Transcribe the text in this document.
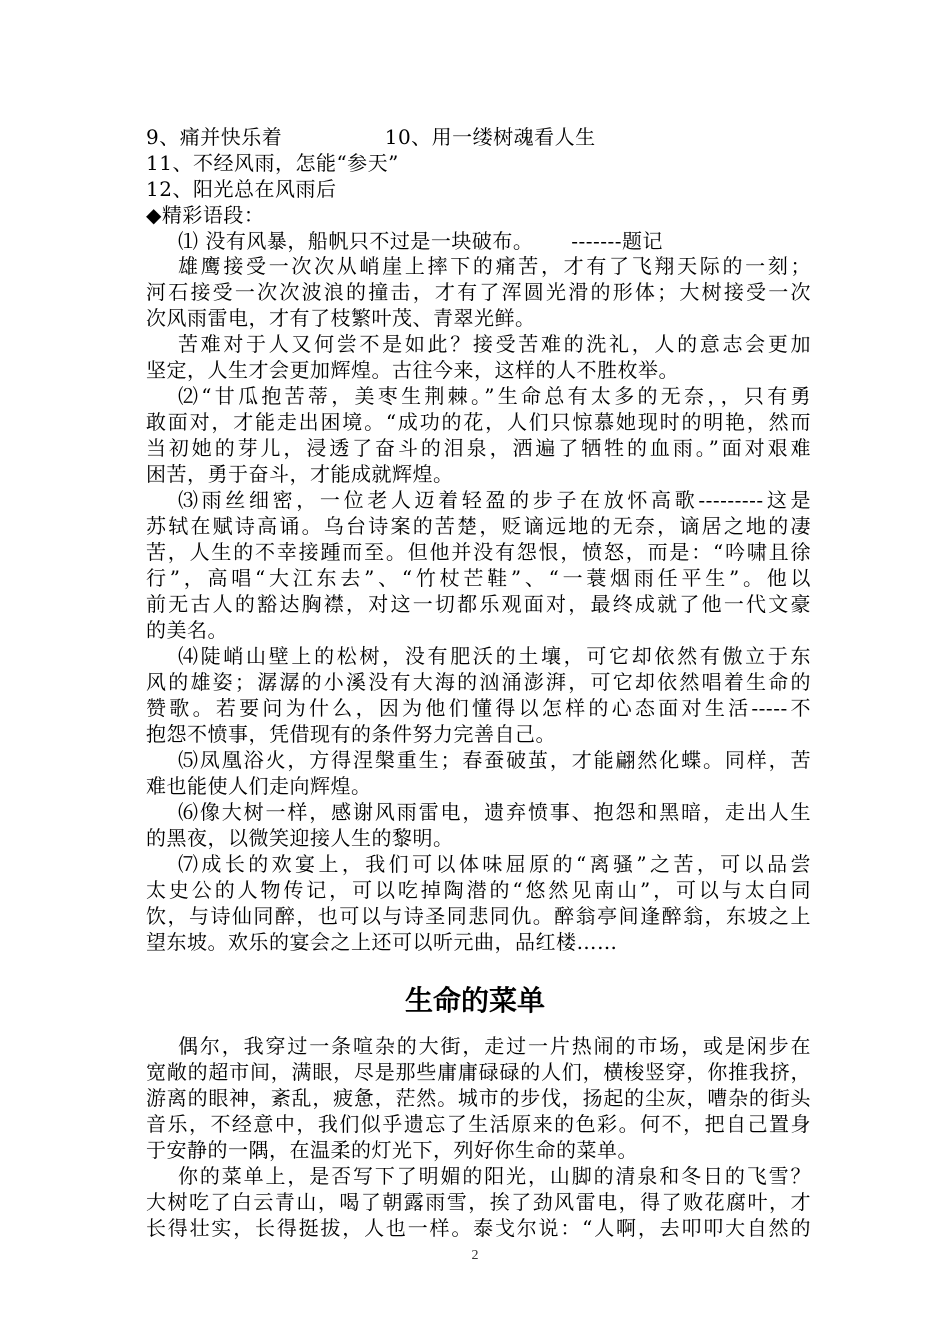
9、痛并快乐着　　　　　10、用一缕树魂看人生
11、不经风雨，怎能“参天”
12、阳光总在风雨后
◆精彩语段：
⑴ 没有风暴，船帆只不过是一块破布。　　 -------题记
雄鹰接受一次次从峭崖上摔下的痛苦，才有了飞翔天际的一刻；
河石接受一次次波浪的撞击，才有了浑圆光滑的形体；大树接受一次
次风雨雷电，才有了枝繁叶茂、青翠光鲜。
苦难对于人又何尝不是如此？接受苦难的洗礼，人的意志会更加
坚定，人生才会更加辉煌。古往今来，这样的人不胜枚举。
⑵“甘瓜抱苦蒂，美枣生荆棘。”生命总有太多的无奈，，只有勇
敢面对，才能走出困境。“成功的花，人们只惊慕她现时的明艳，然而
当初她的芽儿，浸透了奋斗的泪泉，洒遍了牺牲的血雨。”面对艰难
困苦，勇于奋斗，才能成就辉煌。
⑶雨丝细密，一位老人迈着轻盈的步子在放怀高歌---------这是
苏轼在赋诗高诵。乌台诗案的苦楚，贬谪远地的无奈，谪居之地的凄
苦，人生的不幸接踵而至。但他并没有怨恨，愤怒，而是：“吟啸且徐
行”，高唱“大江东去”、“竹杖芒鞋”、“一蓑烟雨任平生”。他以
前无古人的豁达胸襟，对这一切都乐观面对，最终成就了他一代文豪
的美名。
⑷陡峭山壁上的松树，没有肥沃的土壤，可它却依然有傲立于东
风的雄姿；潺潺的小溪没有大海的汹涌澎湃，可它却依然唱着生命的
赞歌。若要问为什么，因为他们懂得以怎样的心态面对生活-----不
抱怨不愤事，凭借现有的条件努力完善自己。
⑸凤凰浴火，方得涅槃重生；春蚕破茧，才能翩然化蝶。同样，苦
难也能使人们走向辉煌。
⑹像大树一样，感谢风雨雷电，遗弃愤事、抱怨和黑暗，走出人生
的黑夜，以微笑迎接人生的黎明。
⑺成长的欢宴上，我们可以体味屈原的“离骚”之苦，可以品尝
太史公的人物传记，可以吃掉陶潜的“悠然见南山”，可以与太白同
饮，与诗仙同醉，也可以与诗圣同悲同仇。醉翁亭间逢醉翁，东坡之上
望东坡。欢乐的宴会之上还可以听元曲，品红楼……
生命的菜单
偶尔，我穿过一条喧杂的大街，走过一片热闹的市场，或是闲步在
宽敞的超市间，满眼，尽是那些庸庸碌碌的人们，横梭竖穿，你推我挤，
游离的眼神，紊乱，疲惫，茫然。城市的步伐，扬起的尘灰，嘈杂的街头
音乐，不经意中，我们似乎遗忘了生活原来的色彩。何不，把自己置身
于安静的一隅，在温柔的灯光下，列好你生命的菜单。
你的菜单上，是否写下了明媚的阳光，山脚的清泉和冬日的飞雪？
大树吃了白云青山，喝了朝露雨雪，挨了劲风雷电，得了败花腐叶，才
长得壮实，长得挺拔，人也一样。泰戈尔说：“人啊，去叩叩大自然的
2
